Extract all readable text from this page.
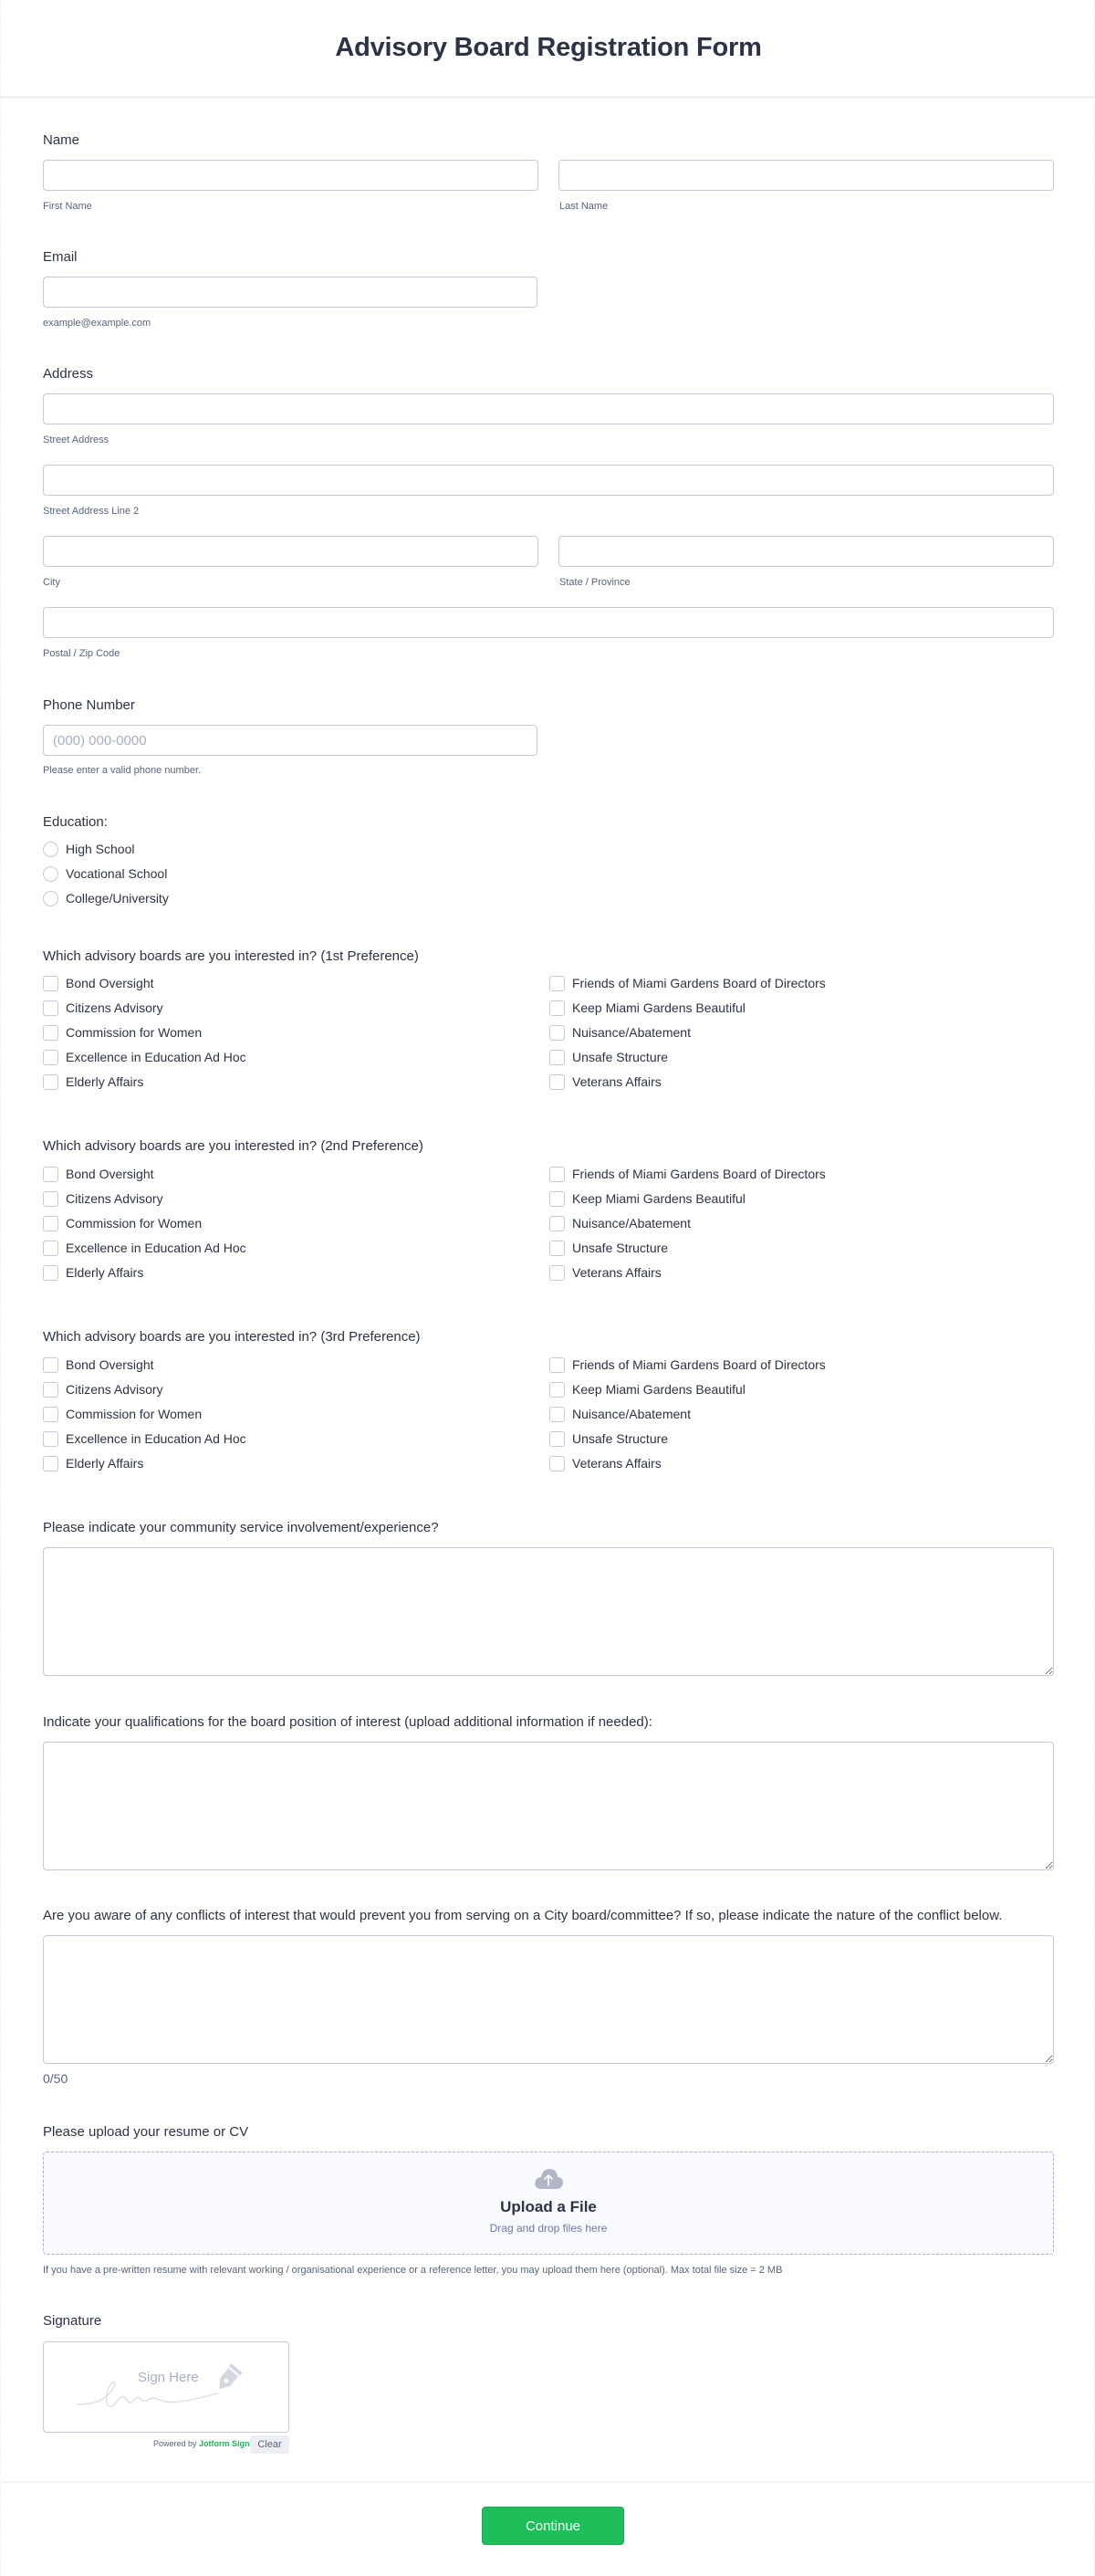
Advisory Board Registration Form
Name
First Name	Last Name
Email
example@example.com
Address
Street Address
Street Address Line 2
City	State / Province
Postal / Zip Code
Phone Number
(000) 000-0000
Please enter a valid phone number.
Education:
High School
Vocational School
College/University
Which advisory boards are you interested in? (1st Preference)
Bond Oversight
Citizens Advisory
Commission for Women
Excellence in Education Ad Hoc
Elderly Affairs
Friends of Miami Gardens Board of Directors
Keep Miami Gardens Beautiful
Nuisance/Abatement
Unsafe Structure
Veterans Affairs
Which advisory boards are you interested in? (2nd Preference)
Bond Oversight
Citizens Advisory
Commission for Women
Excellence in Education Ad Hoc
Elderly Affairs
Friends of Miami Gardens Board of Directors
Keep Miami Gardens Beautiful
Nuisance/Abatement
Unsafe Structure
Veterans Affairs
Which advisory boards are you interested in? (3rd Preference)
Bond Oversight
Citizens Advisory
Commission for Women
Excellence in Education Ad Hoc
Elderly Affairs
Friends of Miami Gardens Board of Directors
Keep Miami Gardens Beautiful
Nuisance/Abatement
Unsafe Structure
Veterans Affairs
Please indicate your community service involvement/experience?
Indicate your qualifications for the board position of interest (upload additional information if needed):
Are you aware of any conflicts of interest that would prevent you from serving on a City board/committee? If so, please indicate the nature of the conflict below.
0/50
Please upload your resume or CV
Upload a File
Drag and drop files here
If you have a pre-written resume with relevant working / organisational experience or a reference letter, you may upload them here (optional). Max total file size = 2 MB
Signature
Sign Here
Powered by Jotform Sign Clear
Continue
